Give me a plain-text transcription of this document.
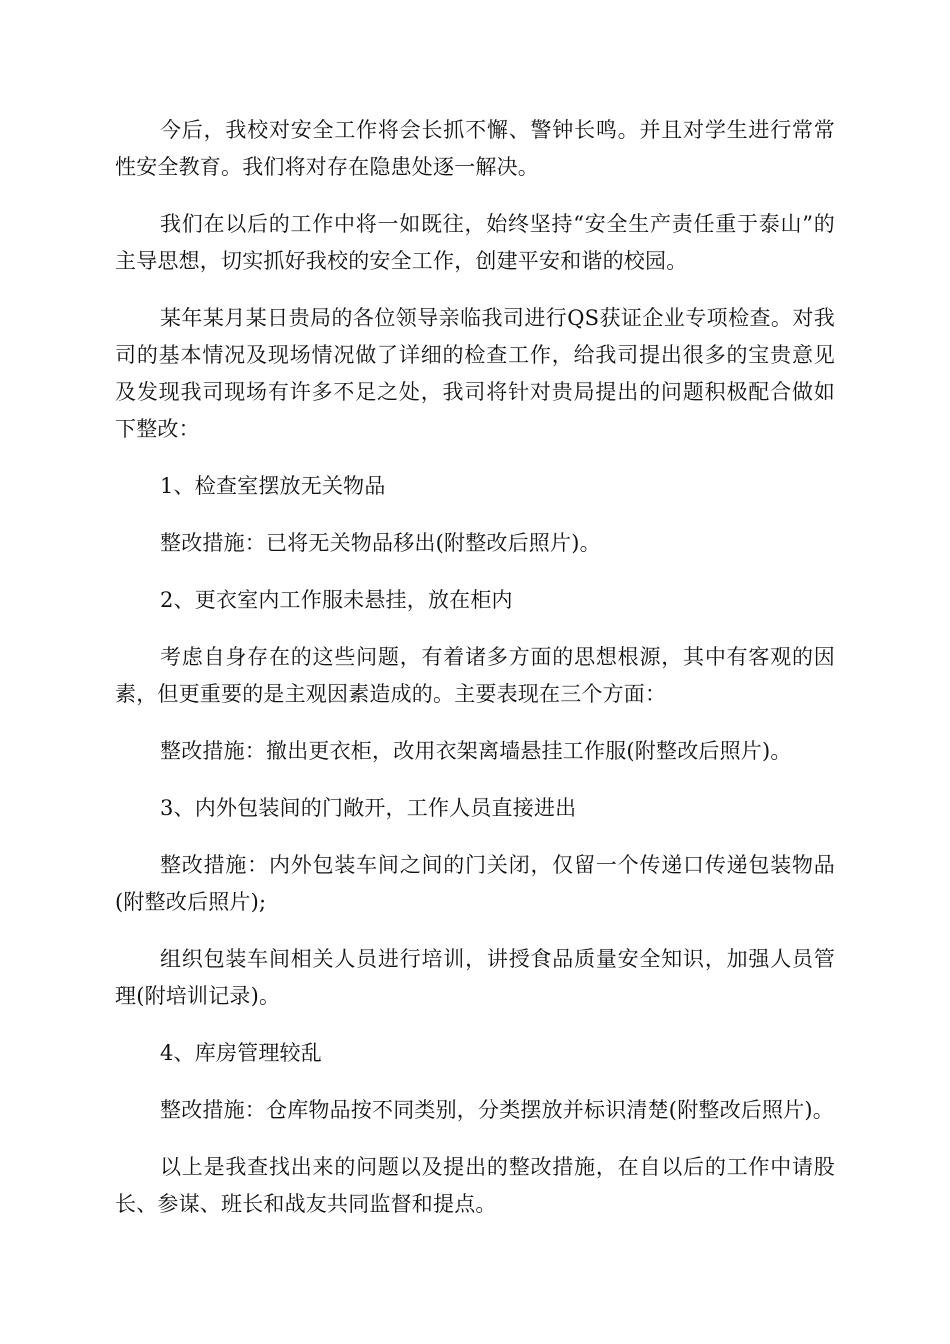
今后，我校对安全工作将会长抓不懈、警钟长鸣。并且对学生进行常常性安全教育。我们将对存在隐患处逐一解决。

我们在以后的工作中将一如既往，始终坚持“安全生产责任重于泰山”的主导思想，切实抓好我校的安全工作，创建平安和谐的校园。

某年某月某日贵局的各位领导亲临我司进行QS获证企业专项检查。对我司的基本情况及现场情况做了详细的检查工作，给我司提出很多的宝贵意见及发现我司现场有许多不足之处，我司将针对贵局提出的问题积极配合做如下整改：

1、检查室摆放无关物品

整改措施：已将无关物品移出(附整改后照片)。

2、更衣室内工作服未悬挂，放在柜内

考虑自身存在的这些问题，有着诸多方面的思想根源，其中有客观的因素，但更重要的是主观因素造成的。主要表现在三个方面：

整改措施：撤出更衣柜，改用衣架离墙悬挂工作服(附整改后照片)。

3、内外包装间的门敞开，工作人员直接进出

整改措施：内外包装车间之间的门关闭，仅留一个传递口传递包装物品(附整改后照片);

组织包装车间相关人员进行培训，讲授食品质量安全知识，加强人员管理(附培训记录)。

4、库房管理较乱

整改措施：仓库物品按不同类别，分类摆放并标识清楚(附整改后照片)。

以上是我查找出来的问题以及提出的整改措施，在自以后的工作中请股长、参谋、班长和战友共同监督和提点。
